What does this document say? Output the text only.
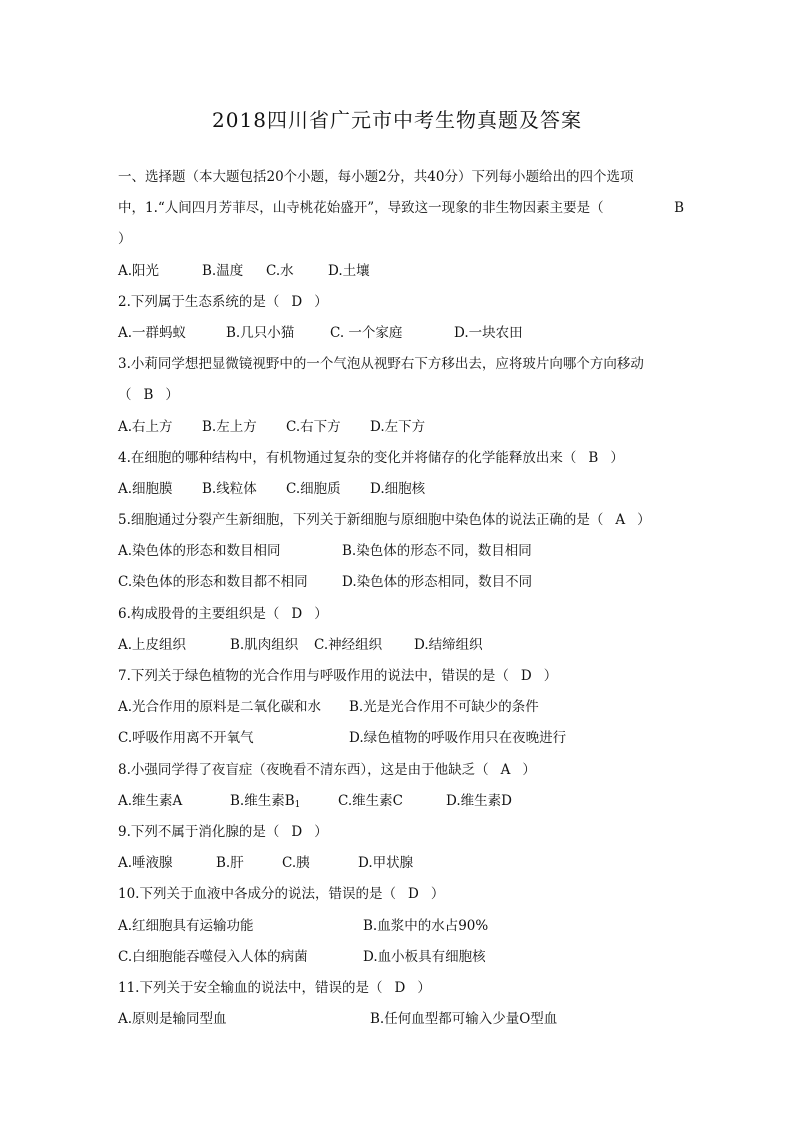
2018四川省广元市中考生物真题及答案
一、选择题（本大题包括20个小题，每小题2分，共40分）下列每小题给出的四个选项
中，1.“人间四月芳菲尽，山寺桃花始盛开”，导致这一现象的非生物因素主要是（	B
）
A.阳光	B.温度 C.水	D.土壤
2.下列属于生态系统的是（ D ）
A.一群蚂蚁	B.几只小猫	C. 一个家庭	D.一块农田
3.小莉同学想把显微镜视野中的一个气泡从视野右下方移出去，应将玻片向哪个方向移动
（ B ）
A.右上方 B.左上方 C.右下方 D.左下方
4.在细胞的哪种结构中，有机物通过复杂的变化并将储存的化学能释放出来（ B ）
A.细胞膜 B.线粒体 C.细胞质 D.细胞核
5.细胞通过分裂产生新细胞，下列关于新细胞与原细胞中染色体的说法正确的是（ A ）
A.染色体的形态和数目相同	B.染色体的形态不同，数目相同
C.染色体的形态和数目都不相同	D.染色体的形态相同，数目不同
6.构成股骨的主要组织是（ D ）
A.上皮组织	B.肌肉组织 C.神经组织 D.结缔组织
7.下列关于绿色植物的光合作用与呼吸作用的说法中，错误的是（ D ）
A.光合作用的原料是二氧化碳和水 B.光是光合作用不可缺少的条件
C.呼吸作用离不开氧气	D.绿色植物的呼吸作用只在夜晚进行
8.小强同学得了夜盲症（夜晚看不清东西），这是由于他缺乏（ A ）
A.维生素A	B.维生素$B_1$	C.维生素C	D.维生素D
9.下列不属于消化腺的是（ D ）
A.唾液腺	B.肝	C.胰	D.甲状腺
10.下列关于血液中各成分的说法，错误的是（ D ）
A.红细胞具有运输功能	B.血浆中的水占90%
C.白细胞能吞噬侵入人体的病菌	D.血小板具有细胞核
11.下列关于安全输血的说法中，错误的是（ D ）
A.原则是输同型血	B.任何血型都可输入少量O型血
